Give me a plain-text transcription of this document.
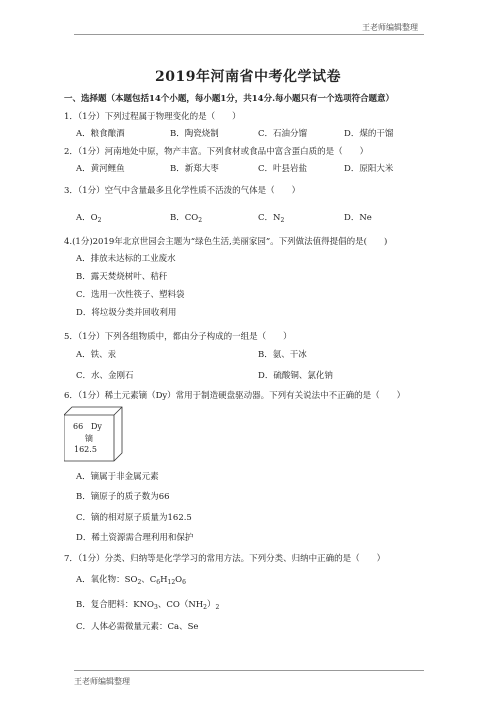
王老师编辑整理
2019年河南省中考化学试卷
一、选择题（本题包括14个小题，每小题1分，共14分.每小题只有一个选项符合题意）
1．（1分）下列过程属于物理变化的是（　　）
A．粮食酿酒	B．陶瓷烧制	C．石油分馏	D．煤的干馏
2．（1分）河南地处中原，物产丰富。下列食材或食品中富含蛋白质的是（　　）
A．黄河鲤鱼	B．新郑大枣	C．叶县岩盐	D．原阳大米
3．（1分）空气中含量最多且化学性质不活泼的气体是（　　）
A．$O_2$	B．$CO_2$	C．$N_2$	D．Ne
4.(1分)2019年北京世园会主题为“绿色生活,美丽家园”。下列做法值得提倡的是(　　)
A．排放未达标的工业废水
B．露天焚烧树叶、秸秆
C．选用一次性筷子、塑料袋
D．将垃圾分类并回收利用
5．（1分）下列各组物质中，都由分子构成的一组是（　　）
A．铁、汞	B．氨、干冰
C．水、金刚石	D．硫酸铜、氯化钠
6．（1分）稀土元素镝（Dy）常用于制造硬盘驱动器。下列有关说法中不正确的是（　　）
66 Dy
镝
162.5
A．镝属于非金属元素
B．镝原子的质子数为66
C．镝的相对原子质量为162.5
D．稀土资源需合理利用和保护
7．（1分）分类、归纳等是化学学习的常用方法。下列分类、归纳中正确的是（　　）
A．氧化物：$SO_2$、$C_6H_{12}O_6$
B．复合肥料：$KNO_3$、$CO(NH_2)_2$
C．人体必需微量元素：Ca、Se
王老师编辑整理
